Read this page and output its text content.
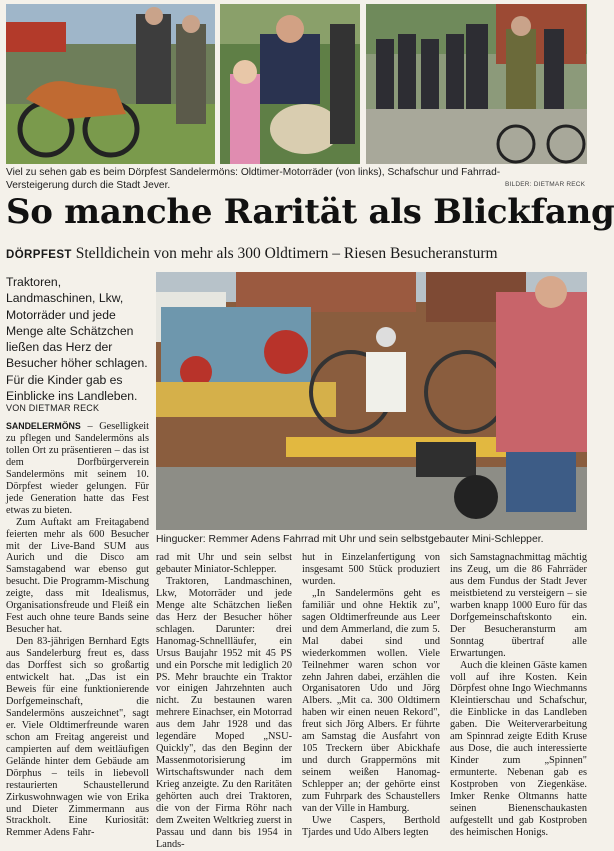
Viel zu sehen gab es beim Dörpfest Sandelermöns: Oldtimer-Motorräder (von links), Schafschur und Fahrrad-Versteigerung durch die Stadt Jever.	BILDER: DIETMAR RECK
So manche Rarität als Blickfang
DÖRPFEST Stelldichein von mehr als 300 Oldtimern – Riesen Besucheransturm
Traktoren, Landmaschinen, Lkw, Motorräder und jede Menge alte Schätzchen ließen das Herz der Besucher höher schlagen. Für die Kinder gab es Einblicke ins Landleben.
VON DIETMAR RECK
Hingucker: Remmer Adens Fahrrad mit Uhr und sein selbstgebauter Mini-Schlepper.

SANDELERMÖNS – Geselligkeit zu pflegen und Sandelermöns als tollen Ort zu präsentieren – das ist dem Dorfbürgerverein Sandelermöns mit seinem 10. Dörpfest wieder gelungen. Für jede Generation hatte das Fest etwas zu bieten.

Zum Auftakt am Freitagabend feierten mehr als 600 Besucher mit der Live-Band SUM aus Aurich und die Disco am Samstagabend war ebenso gut besucht. Die Programm-Mischung zeigte, dass mit Idealismus, Organisationsfreude und Fleiß ein Fest auch ohne teure Bands seine Besucher hat.

Den 83-jährigen Bernhard Egts aus Sandelerburg freut es, dass das Dorffest sich so großartig entwickelt hat. „Das ist ein Beweis für eine funktionierende Dorfgemeinschaft, die Sandelermöns auszeichnet", sagt er. Viele Oldtimerfreunde waren schon am Freitag angereist und campierten auf dem weitläufigen Gelände hinter dem Gebäude am Dörphus – teils in liebevoll restaurierten Schaustellerund Zirkuswohnwagen wie von Erika und Dieter Zimmermann aus Strackholt. Eine Kuriosität: Remmer Adens Fahr-

rad mit Uhr und sein selbst gebauter Miniator-Schlepper.

Traktoren, Landmaschinen, Lkw, Motorräder und jede Menge alte Schätzchen ließen das Herz der Besucher höher schlagen. Darunter: drei Hanomag-Schnellläufer, ein Ursus Baujahr 1952 mit 45 PS und ein Porsche mit lediglich 20 PS. Mehr brauchte ein Traktor vor einigen Jahrzehnten auch nicht. Zu bestaunen waren mehrere Einachser, ein Motorrad aus dem Jahr 1928 und das legendäre Moped „NSU-Quickly", das den Beginn der Massenmotorisierung im Wirtschaftswunder nach dem Krieg anzeigte. Zu den Raritäten gehörten auch drei Traktoren, die von der Firma Röhr nach dem Zweiten Weltkrieg zuerst in Passau und dann bis 1954 in Lands-

hut in Einzelanfertigung von insgesamt 500 Stück produziert wurden.

„In Sandelermöns geht es familiär und ohne Hektik zu", sagen Oldtimerfreunde aus Leer und dem Ammerland, die zum 5. Mal dabei sind und wiederkommen wollen. Viele Teilnehmer waren schon vor zehn Jahren dabei, erzählen die Organisatoren Udo und Jörg Albers. „Mit ca. 300 Oldtimern haben wir einen neuen Rekord", freut sich Jörg Albers. Er führte am Samstag die Ausfahrt von 105 Treckern über Abickhafe und durch Grappermöns mit seinem weißen Hanomag-Schlepper an; der gehörte einst zum Fuhrpark des Schaustellers van der Ville in Hamburg.

Uwe Caspers, Berthold Tjardes und Udo Albers legten

sich Samstagnachmittag mächtig ins Zeug, um die 86 Fahrräder aus dem Fundus der Stadt Jever meistbietend zu versteigern – sie warben knapp 1000 Euro für das Dorfgemeinschaftskonto ein. Der Besucheransturm am Sonntag übertraf alle Erwartungen.

Auch die kleinen Gäste kamen voll auf ihre Kosten. Kein Dörpfest ohne Ingo Wiechmanns Kleintierschau und Schafschur, die Einblicke in das Landleben gaben. Die Weiterverarbeitung am Spinnrad zeigte Edith Kruse aus Dose, die auch interessierte Kinder zum „Spinnen" ermunterte. Nebenan gab es Kostproben von Ziegenkäse. Imker Renke Oltmanns hatte seinen Bienenschaukasten aufgestellt und gab Kostproben des heimischen Honigs.
